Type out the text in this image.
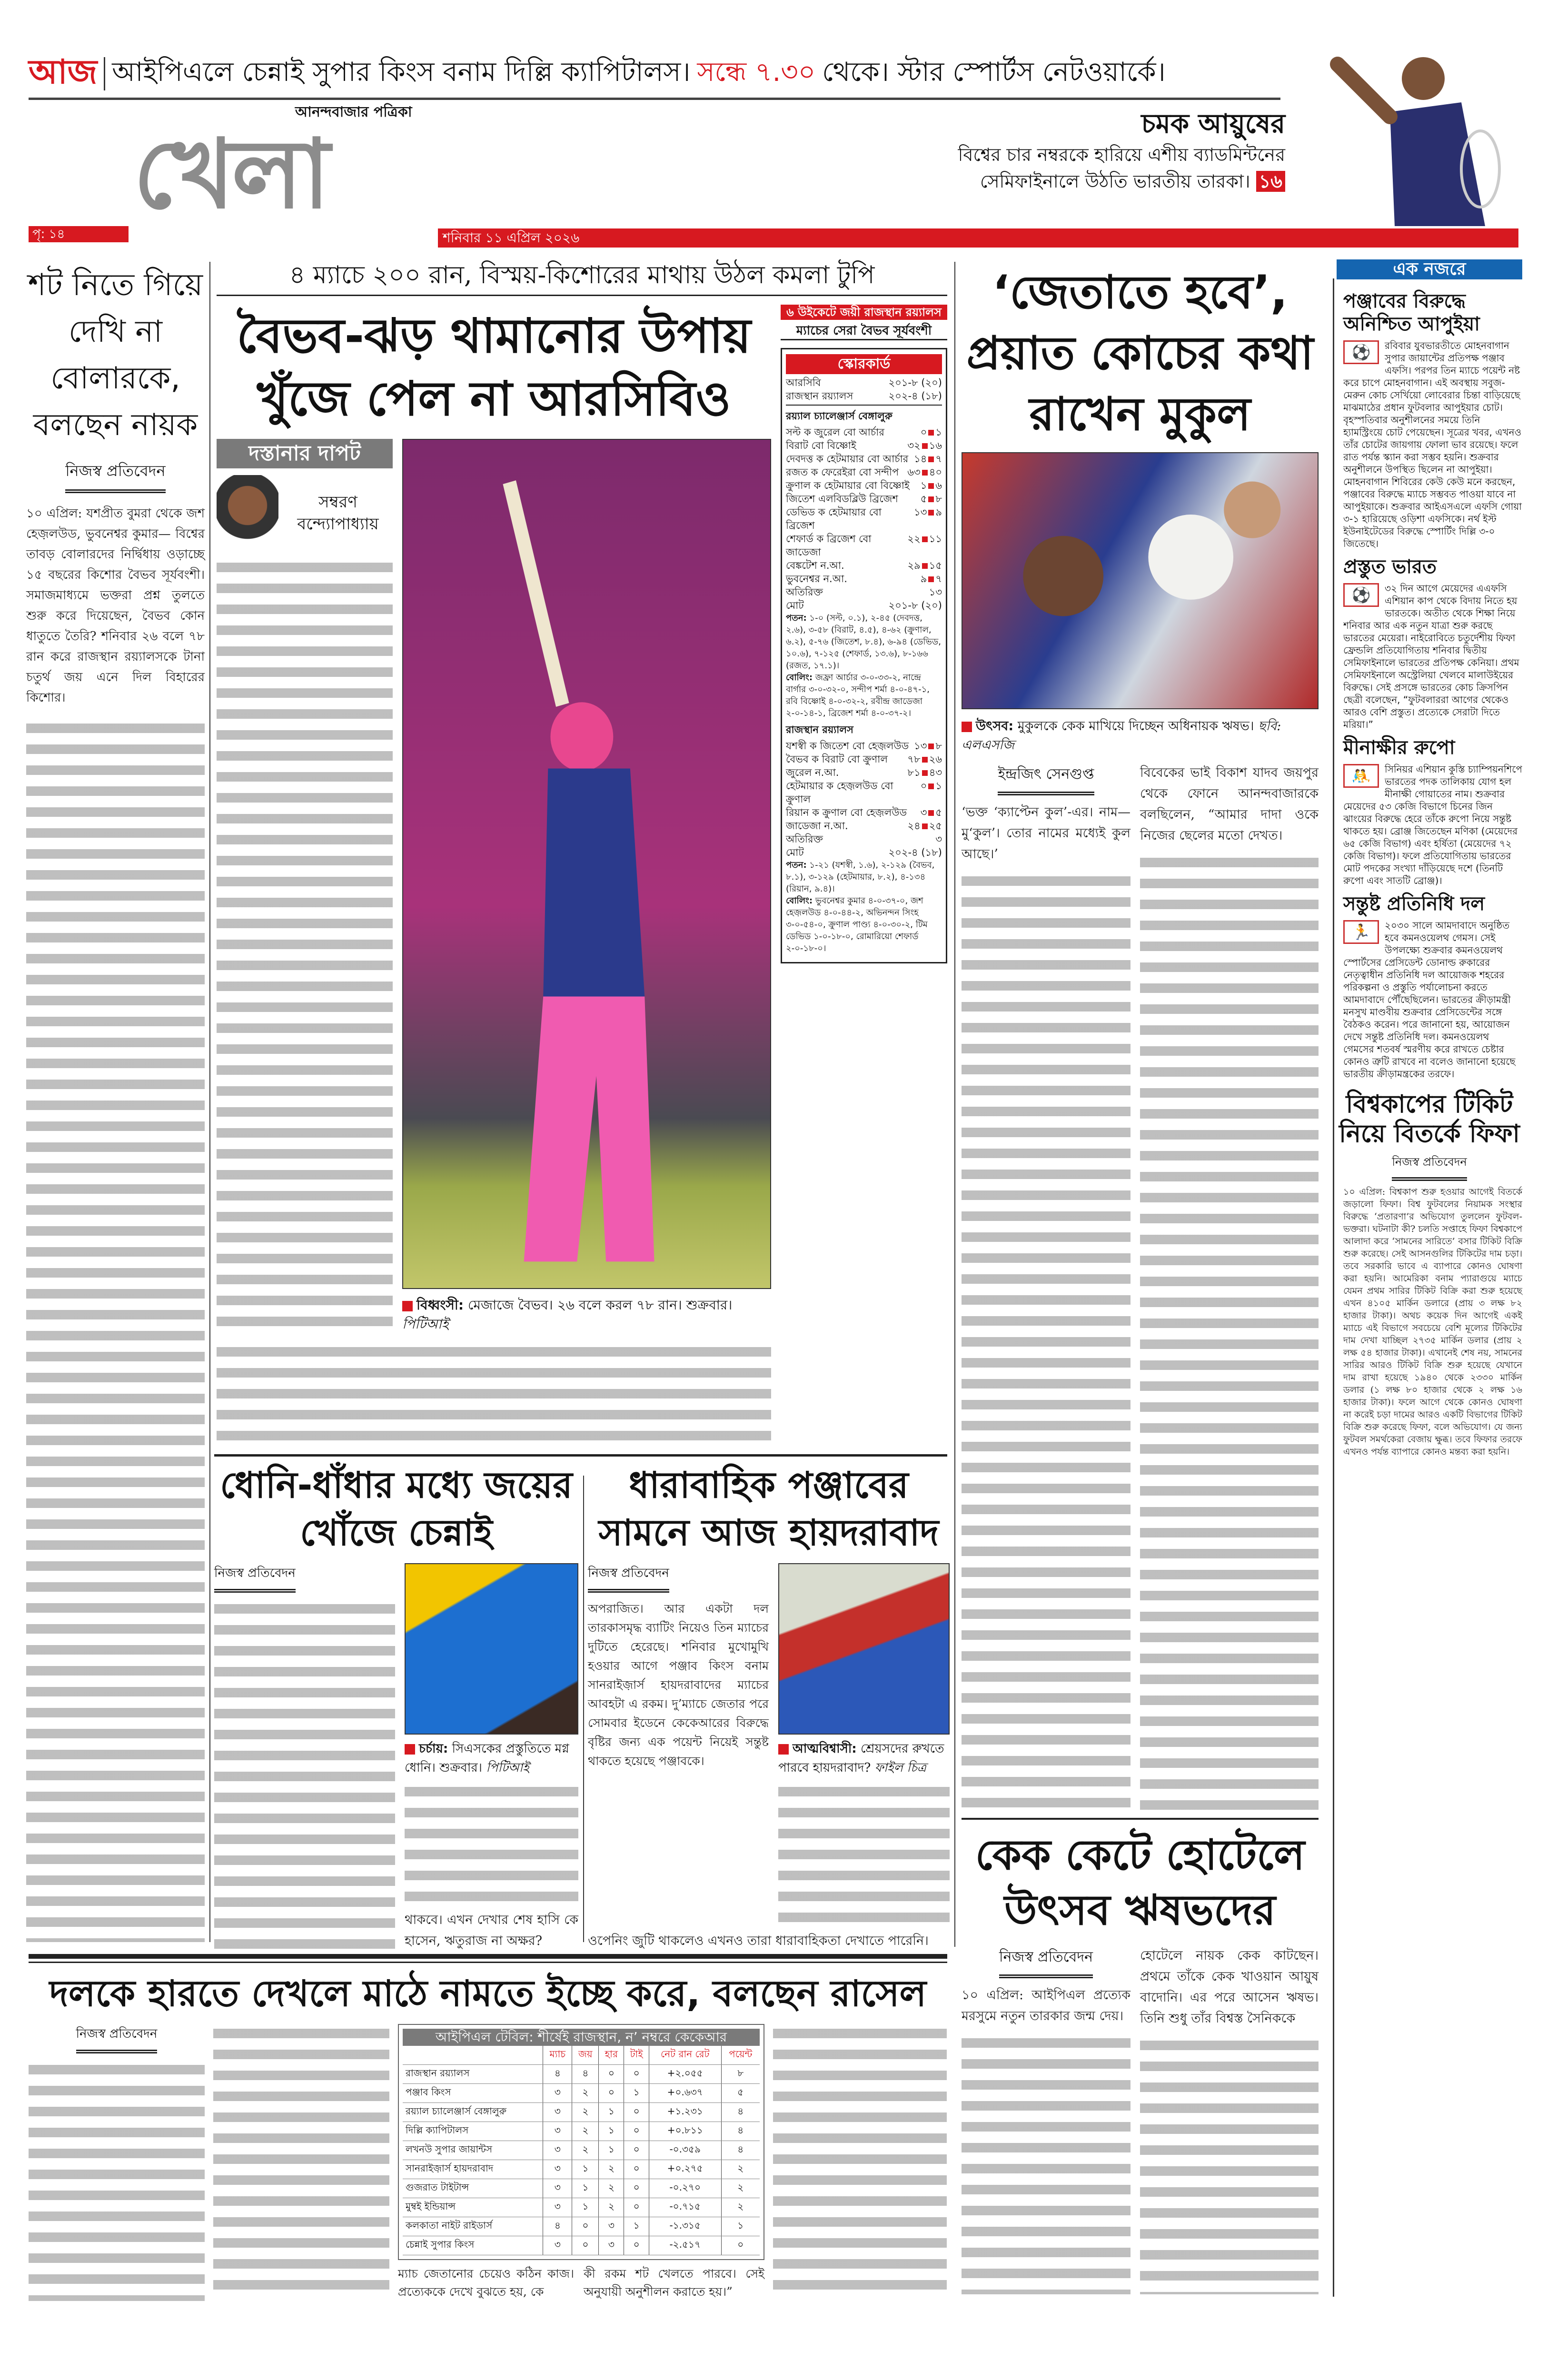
আজ আইপিএলে চেন্নাই সুপার কিংস বনাম দিল্লি ক্যাপিটালস। সন্ধে ৭.৩০ থেকে। স্টার স্পোর্টস নেটওয়ার্কে।
আনন্দবাজার পত্রিকা
খেলা
পৃ: ১৪	শনিবার ১১ এপ্রিল ২০২৬
চমক আয়ুষের
বিশ্বের চার নম্বরকে হারিয়ে এশীয় ব্যাডমিন্টনের
সেমিফাইনালে উঠতি ভারতীয় তারকা। ১৬
শট নিতে গিয়ে দেখি না বোলারকে, বলছেন নায়ক
নিজস্ব প্রতিবেদন
১০ এপ্রিল: যশপ্রীত বুমরা থেকে জশ হেজ়লউড, ভুবনেশ্বর কুমার— বিশ্বের তাবড় বোলারদের নির্দ্বিধায় ওড়াচ্ছে ১৫ বছরের কিশোর বৈভব সূর্যবংশী। সমাজমাধ্যমে ভক্তরা প্রশ্ন তুলতে শুরু করে দিয়েছেন, বৈভব কোন ধাতুতে তৈরি? শনিবার ২৬ বলে ৭৮ রান করে রাজস্থান রয়্যালসকে টানা চতুর্থ জয় এনে দিল বিহারের কিশোর।
৪ ম্যাচে ২০০ রান, বিস্ময়-কিশোরের মাথায় উঠল কমলা টুপি
বৈভব-ঝড় থামানোর উপায় খুঁজে পেল না আরসিবিও
দস্তানার দাপট
সম্বরণ বন্দ্যোপাধ্যায়
বিধ্বংসী: মেজাজে বৈভব। ২৬ বলে করল ৭৮ রান। শুক্রবার। পিটিআই
৬ উইকেটে জয়ী রাজস্থান রয়্যালস
ম্যাচের সেরা বৈভব সূর্যবংশী
স্কোরকার্ড
আরসিবি	২০১-৮ (২০)
রাজস্থান রয়্যালস	২০২-৪ (১৮)
রয়্যাল চ্যালেঞ্জার্স বেঙ্গালুরু
সল্ট ক জুরেল বো আর্চার	০ ১
বিরাট বো বিষ্ণোই	৩২ ১৬
দেবদত্ত ক হেটমায়ার বো আর্চার ১৪ ৭
রজত ক ফেরেইরা বো সন্দীপ ৬৩ ৪০
ক্রুণাল ক হেটমায়ার বো বিষ্ণোই ১ ৬
জিতেশ এলবিডব্লিউ ব্রিজেশ ৫ ৮
ডেভিড ক হেটমায়ার বো ব্রিজেশ
১৩ ৯
শেফার্ড ক ব্রিজেশ বো জাডেজা
২২ ১১
বেঙ্কটেশ ন.আ.	২৯ ১৫
ভুবনেশ্বর ন.আ.	৯ ৭
অতিরিক্ত	১৩
মোট	২০১-৮ (২০)
পতন: ১-০ (সল্ট, ০.১), ২-৪৫ (দেবদত্ত, ২.৬), ৩-৫৮ (বিরাট, ৪.৫), ৪-৬২ (ক্রুণাল, ৬.২), ৫-৭৬ (জিতেশ, ৮.৪), ৬-৯৪ (ডেভিড, ১০.৬), ৭-১২৫ (শেফার্ড, ১৩.৬), ৮-১৬৬ (রজত, ১৭.১)।
বোলিং: জফ্রা আর্চার ৩-০-৩৩-২, নান্দ্রে বার্গার ৩-০-৩২-০, সন্দীপ শর্মা ৪-০-৪৭-১, রবি বিষ্ণোই ৪-০-৩২-২, রবীন্দ্র জাডেজা ২-০-১৪-১, ব্রিজেশ শর্মা ৪-০-৩৭-২।
রাজস্থান রয়্যালস
যশস্বী ক জিতেশ বো হেজ়লউড ১৩ ৮
বৈভব ক বিরাট বো ক্রুণাল ৭৮ ২৬
জুরেল ন.আ.	৮১ ৪৩
হেটমায়ার ক হেজ়লউড বো ক্রুণাল
০ ১
রিয়ান ক ক্রুণাল বো হেজ়লউড ৩ ৫
জাডেজা ন.আ.	২৪ ২৫
অতিরিক্ত	৩
মোট	২০২-৪ (১৮)
পতন: ১-২১ (যশস্বী, ১.৬), ২-১২৯ (বৈভব, ৮.১), ৩-১২৯ (হেটমায়ার, ৮.২), ৪-১৩৪ (রিয়ান, ৯.৪)।
বোলিং: ভুবনেশ্বর কুমার ৪-০-৩৭-০, জশ হেজ়লউড ৪-০-৪৪-২, অভিনন্দন সিংহ ৩-০-৫৪-০, ক্রুণাল পাণ্ড্য ৪-০-৩০-২, টিম ডেভিড ১-০-১৮-০, রোমারিয়ো শেফার্ড ২-০-১৮-০।
‘জেতাতে হবে’, প্রয়াত কোচের কথা রাখেন মুকুল
উৎসব: মুকুলকে কেক মাখিয়ে দিচ্ছেন অধিনায়ক ঋষভ। ছবি: এলএসজি
ইন্দ্রজিৎ সেনগুপ্ত
‘ভক্ত ‘ক্যাপ্টেন কুল’-এর। নাম— মু‘কুল’। তোর নামের মধ্যেই কুল আছে।’
বিবেকের ভাই বিকাশ যাদব জয়পুর থেকে ফোনে আনন্দবাজারকে বলছিলেন, “আমার দাদা ওকে নিজের ছেলের মতো দেখত।
কেক কেটে হোটেলে উৎসব ঋষভদের
নিজস্ব প্রতিবেদন
১০ এপ্রিল: আইপিএল প্রত্যেক মরসুমে নতুন তারকার জন্ম দেয়।
হোটেলে নায়ক কেক কাটছেন। প্রথমে তাঁকে কেক খাওয়ান আয়ুষ বাদোনি। এর পরে আসেন ঋষভ। তিনি শুধু তাঁর বিশ্বস্ত সৈনিককে
ধোনি-ধাঁধার মধ্যে জয়ের খোঁজে চেন্নাই
নিজস্ব প্রতিবেদন
চর্চায়: সিএসকের প্রস্তুতিতে মগ্ন ধোনি। শুক্রবার। পিটিআই
থাকবে। এখন দেখার শেষ হাসি কে হাসেন, ঋতুরাজ না অক্ষর?
ধারাবাহিক পঞ্জাবের সামনে আজ হায়দরাবাদ
নিজস্ব প্রতিবেদন
অপরাজিত। আর একটা দল তারকাসমৃদ্ধ ব্যাটিং নিয়েও তিন ম্যাচের দুটিতে হেরেছে। শনিবার মুখোমুখি হওয়ার আগে পঞ্জাব কিংস বনাম সানরাইজ়ার্স হায়দরাবাদের ম্যাচের আবহটা এ রকম। দু’ম্যাচে জেতার পরে সোমবার ইডেনে কেকেআরের বিরুদ্ধে বৃষ্টির জন্য এক পয়েন্ট নিয়েই সন্তুষ্ট থাকতে হয়েছে পঞ্জাবকে।
আত্মবিশ্বাসী: শ্রেয়সদের রুখতে পারবে হায়দরাবাদ? ফাইল চিত্র
ওপেনিং জুটি থাকলেও এখনও তারা ধারাবাহিকতা দেখাতে পারেনি।
দলকে হারতে দেখলে মাঠে নামতে ইচ্ছে করে, বলছেন রাসেল
নিজস্ব প্রতিবেদন	আইপিএল টেবিল: শীর্ষেই রাজস্থান, ন’ নম্বরে কেকেআর
	ম্যাচ	জয়	হার	টাই	নেট রান রেট	পয়েন্ট
রাজস্থান রয়্যালস	৪	৪	০	০	+২.০৫৫	৮
পঞ্জাব কিংস	৩	২	০	১	+০.৬৩৭	৫
রয়্যাল চ্যালেঞ্জার্স বেঙ্গালুরু	৩	২	১	০	+১.২৩১	৪
দিল্লি ক্যাপিটালস	৩	২	১	০	+০.৮১১	৪
লখনউ সুপার জায়ান্টস	৩	২	১	০	-০.৩৫৯	৪
সানরাইজ়ার্স হায়দরাবাদ	৩	১	২	০	+০.২৭৫	২
গুজরাত টাইটান্স	৩	১	২	০	-০.২৭০	২
মুম্বই ইন্ডিয়ান্স	৩	১	২	০	-০.৭১৫	২
কলকাতা নাইট রাইডার্স	৪	০	৩	১	-১.৩১৫	১
চেন্নাই সুপার কিংস	৩	০	৩	০	-২.৫১৭	০
ম্যাচ জেতানোর চেয়েও কঠিন কাজ। প্রত্যেককে দেখে বুঝতে হয়, কে
কী রকম শট খেলতে পারবে। সেই অনুযায়ী অনুশীলন করাতে হয়।”
এক নজরে
পঞ্জাবের বিরুদ্ধে অনিশ্চিত আপুইয়া
⚽	রবিবার যুবভারতীতে মোহনবাগান সুপার জায়ান্টের প্রতিপক্ষ পঞ্জাব এফসি। পরপর তিন ম্যাচে পয়েন্ট নষ্ট করে চাপে মোহনবাগান। এই অবস্থায় সবুজ-মেরুন কোচ সের্খিয়ো লোবেরার চিন্তা বাড়িয়েছে মাঝমাঠের প্রধান ফুটবলার আপুইয়ার চোট। বৃহস্পতিবার অনুশীলনের সময়ে তিনি হ্যামস্ট্রিংয়ে চোট পেয়েছেন। সূত্রের খবর, এখনও তাঁর চোটের জায়গায় ফোলা ভাব রয়েছে। ফলে রাত পর্যন্ত স্ক্যান করা সম্ভব হয়নি। শুক্রবার অনুশীলনে উপস্থিত ছিলেন না আপুইয়া। মোহনবাগান শিবিরের কেউ কেউ মনে করছেন, পঞ্জাবের বিরুদ্ধে ম্যাচে সম্ভবত পাওয়া যাবে না আপুইয়াকে। শুক্রবার আইএসএলে এফসি গোয়া ৩-১ হারিয়েছে ওড়িশা এফসিকে। নর্থ ইস্ট ইউনাইটেডের বিরুদ্ধে স্পোর্টিং দিল্লি ৩-০ জিতেছে।
প্রস্তুত ভারত
⚽	৩২ দিন আগে মেয়েদের এএফসি এশিয়ান কাপ থেকে বিদায় নিতে হয় ভারতকে। অতীত থেকে শিক্ষা নিয়ে শনিবার আর এক নতুন যাত্রা শুরু করছে ভারতের মেয়েরা। নাইরোবিতে চতুর্দেশীয় ফিফা ফ্রেন্ডলি প্রতিযোগিতায় শনিবার দ্বিতীয় সেমিফাইনালে ভারতের প্রতিপক্ষ কেনিয়া। প্রথম সেমিফাইনালে অস্ট্রেলিয়া খেলবে মালাউইয়ের বিরুদ্ধে। সেই প্রসঙ্গে ভারতের কোচ ক্রিসপিন ছেত্রী বলেছেন, “ফুটবলাররা আগের থেকেও আরও বেশি প্রস্তুত। প্রত্যেকে সেরাটা দিতে মরিয়া।”
মীনাক্ষীর রুপো
🤼	সিনিয়র এশিয়ান কুস্তি চ্যাম্পিয়নশিপে ভারতের পদক তালিকায় যোগ হল মীনাক্ষী গোয়াতের নাম। শুক্রবার মেয়েদের ৫৩ কেজি বিভাগে চিনের জিন ঝাংয়ের বিরুদ্ধে হেরে তাঁকে রুপো নিয়ে সন্তুষ্ট থাকতে হয়। ব্রোঞ্জ জিতেছেন মণিকা (মেয়েদের ৬৫ কেজি বিভাগ) এবং হর্ষিতা (মেয়েদের ৭২ কেজি বিভাগ)। ফলে প্রতিযোগিতায় ভারতের মোট পদকের সংখ্যা দাঁড়িয়েছে দশে (তিনটি রুপো এবং সাতটি ব্রোঞ্জ)।
সন্তুষ্ট প্রতিনিধি দল
🏃	২০৩০ সালে আমদাবাদে অনুষ্ঠিত হবে কমনওয়েলথ গেমস। সেই উপলক্ষ্যে শুক্রবার কমনওয়েলথ স্পোর্টসের প্রেসিডেন্ট ডোনাল্ড রুকারের নেতৃত্বাধীন প্রতিনিধি দল আয়োজক শহরের পরিকল্পনা ও প্রস্তুতি পর্যালোচনা করতে আমদাবাদে পৌঁছেছিলেন। ভারতের ক্রীড়ামন্ত্রী মনসুখ মাণ্ডবীয় শুক্রবার প্রেসিডেন্টের সঙ্গে বৈঠকও করেন। পরে জানানো হয়, আয়োজন দেখে সন্তুষ্ট প্রতিনিধি দল। কমনওয়েলথ গেমসের শতবর্ষ স্মরণীয় করে রাখতে চেষ্টার কোনও ত্রুটি রাখবে না বলেও জানানো হয়েছে ভারতীয় ক্রীড়ামন্ত্রকের তরফে।
বিশ্বকাপের টিকিট নিয়ে বিতর্কে ফিফা
নিজস্ব প্রতিবেদন
১০ এপ্রিল: বিশ্বকাপ শুরু হওয়ার আগেই বিতর্কে জড়ালো ফিফা। বিশ্ব ফুটবলের নিয়ামক সংস্থার বিরুদ্ধে ‘প্রতারণা’র অভিযোগ তুললেন ফুটবল-ভক্তরা। ঘটনাটা কী? চলতি সপ্তাহে ফিফা বিশ্বকাপে আলাদা করে ‘সামনের সারিতে’ বসার টিকিট বিক্রি শুরু করেছে। সেই আসনগুলির টিকিটের দাম চড়া। তবে সরকারি ভাবে এ ব্যাপারে কোনও ঘোষণা করা হয়নি। আমেরিকা বনাম প্যারাগুয়ে ম্যাচে যেমন প্রথম সারির টিকিট বিক্রি করা শুরু হয়েছে এখন ৪১০৫ মার্কিন ডলারে (প্রায় ৩ লক্ষ ৮২ হাজার টাকা)। অথচ কয়েক দিন আগেই একই ম্যাচে এই বিভাগে সবচেয়ে বেশি মূল্যের টিকিটের দাম দেখা যাচ্ছিল ২৭৩৫ মার্কিন ডলার (প্রায় ২ লক্ষ ৫৪ হাজার টাকা)। এখানেই শেষ নয়, সামনের সারির আরও টিকিট বিক্রি শুরু হয়েছে যেখানে দাম রাখা হয়েছে ১৯৪০ থেকে ২৩৩০ মার্কিন ডলার (১ লক্ষ ৮০ হাজার থেকে ২ লক্ষ ১৬ হাজার টাকা)। ফলে আগে থেকে কোনও ঘোষণা না করেই চড়া দামের আরও একটি বিভাগের টিকিট বিক্রি শুরু করেছে ফিফা, বলে অভিযোগ। যে জন্য ফুটবল সমর্থকেরা বেজায় ক্ষুব্ধ। তবে ফিফার তরফে এখনও পর্যন্ত ব্যাপারে কোনও মন্তব্য করা হয়নি।
